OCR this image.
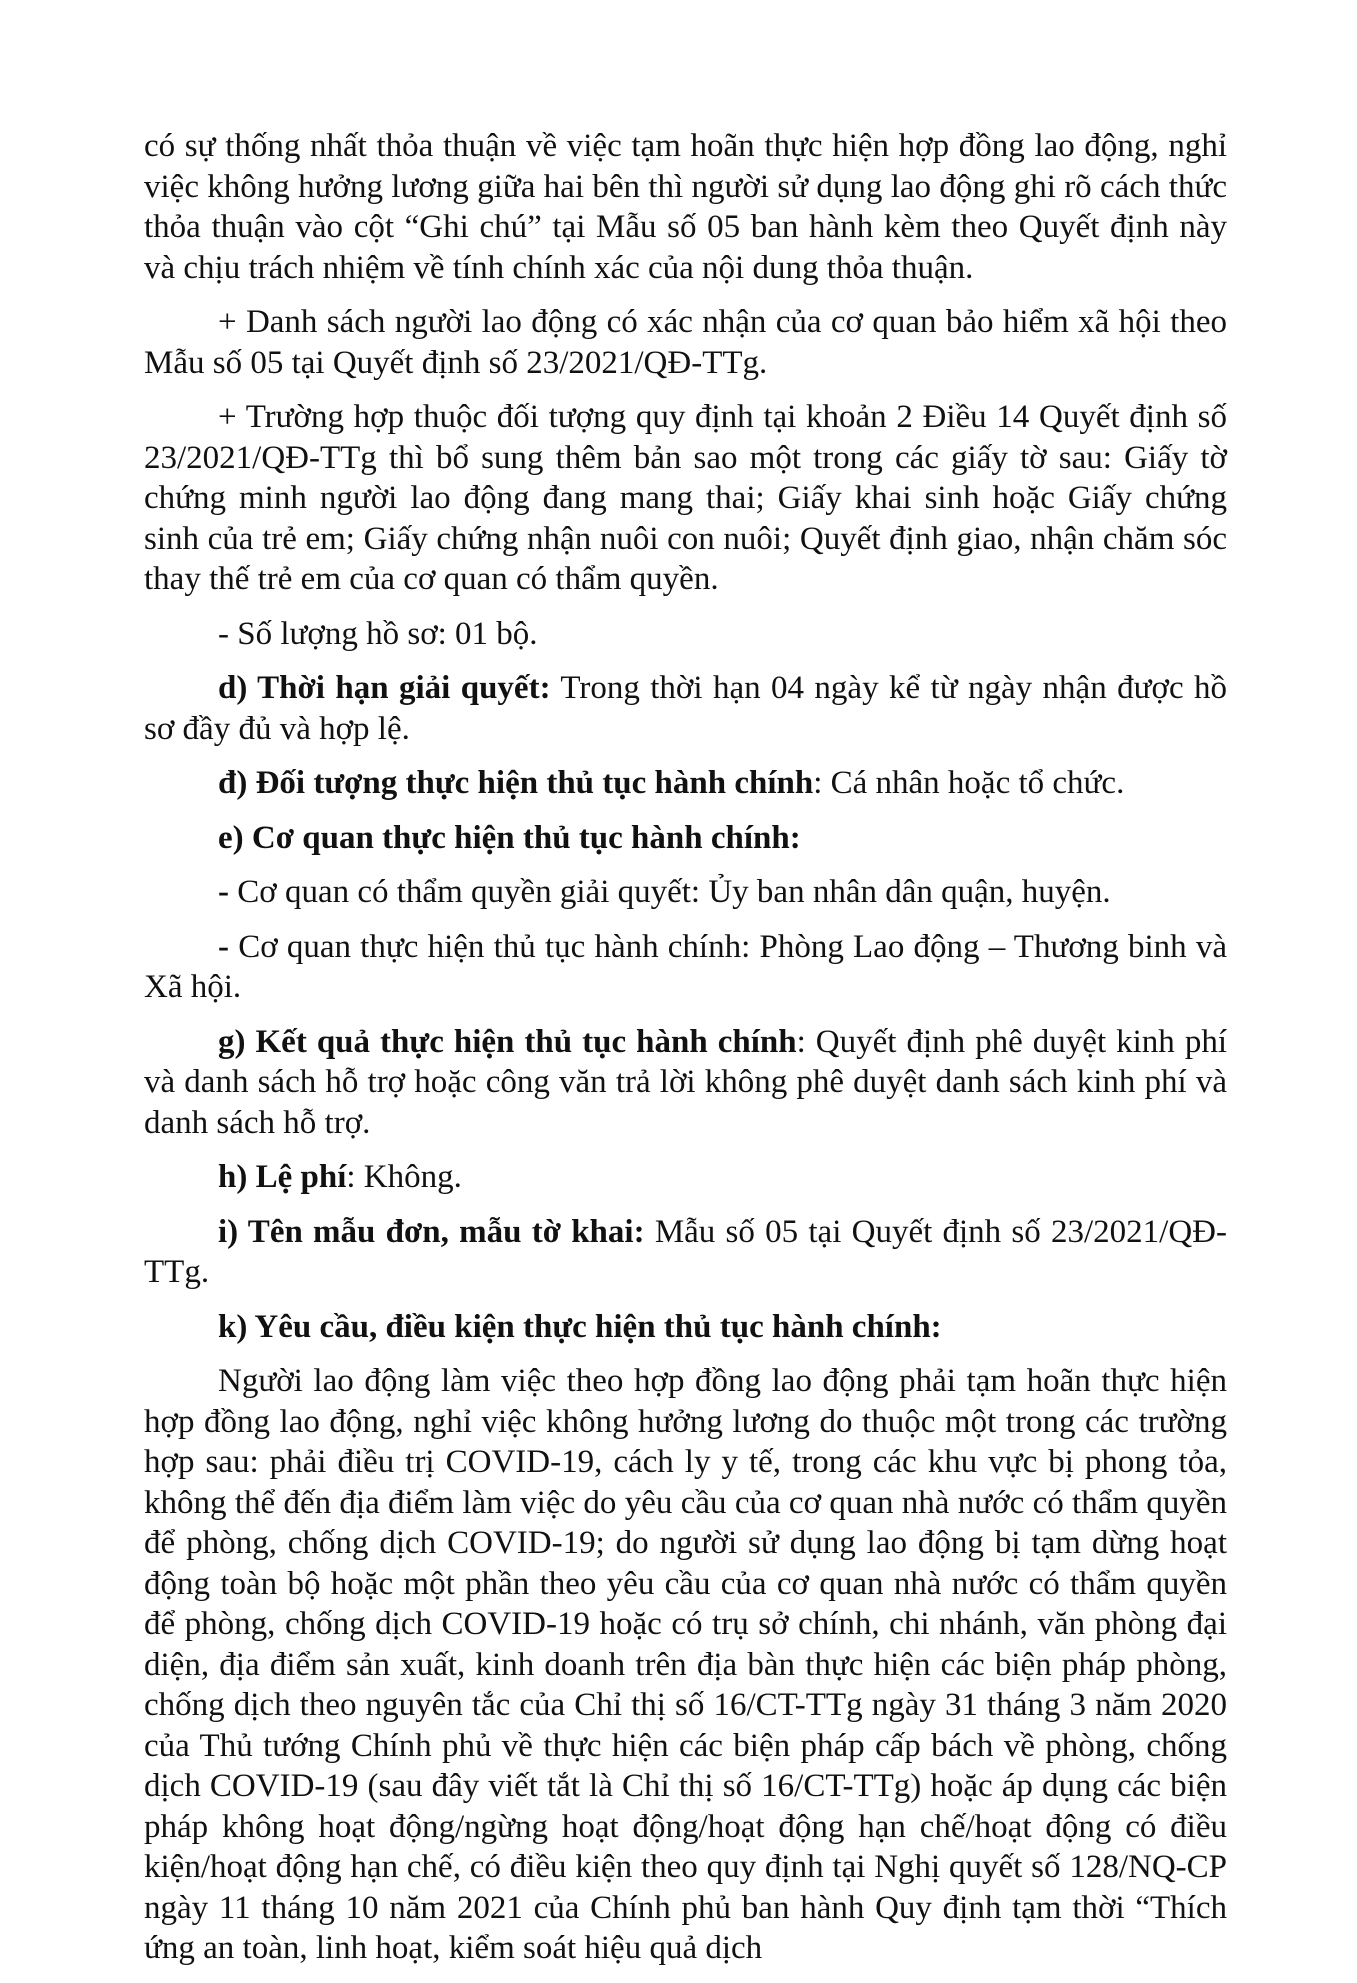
có sự thống nhất thỏa thuận về việc tạm hoãn thực hiện hợp đồng lao động, nghỉ việc không hưởng lương giữa hai bên thì người sử dụng lao động ghi rõ cách thức thỏa thuận vào cột “Ghi chú” tại Mẫu số 05 ban hành kèm theo Quyết định này và chịu trách nhiệm về tính chính xác của nội dung thỏa thuận.

+ Danh sách người lao động có xác nhận của cơ quan bảo hiểm xã hội theo Mẫu số 05 tại Quyết định số 23/2021/QĐ-TTg.

+ Trường hợp thuộc đối tượng quy định tại khoản 2 Điều 14 Quyết định số 23/2021/QĐ-TTg thì bổ sung thêm bản sao một trong các giấy tờ sau: Giấy tờ chứng minh người lao động đang mang thai; Giấy khai sinh hoặc Giấy chứng sinh của trẻ em; Giấy chứng nhận nuôi con nuôi; Quyết định giao, nhận chăm sóc thay thế trẻ em của cơ quan có thẩm quyền.

- Số lượng hồ sơ: 01 bộ.

d) Thời hạn giải quyết: Trong thời hạn 04 ngày kể từ ngày nhận được hồ sơ đầy đủ và hợp lệ.

đ) Đối tượng thực hiện thủ tục hành chính: Cá nhân hoặc tổ chức.

e) Cơ quan thực hiện thủ tục hành chính:

- Cơ quan có thẩm quyền giải quyết: Ủy ban nhân dân quận, huyện.

- Cơ quan thực hiện thủ tục hành chính: Phòng Lao động – Thương binh và Xã hội.

g) Kết quả thực hiện thủ tục hành chính: Quyết định phê duyệt kinh phí và danh sách hỗ trợ hoặc công văn trả lời không phê duyệt danh sách kinh phí và danh sách hỗ trợ.

h) Lệ phí: Không.

i) Tên mẫu đơn, mẫu tờ khai: Mẫu số 05 tại Quyết định số 23/2021/QĐ-TTg.

k) Yêu cầu, điều kiện thực hiện thủ tục hành chính:

Người lao động làm việc theo hợp đồng lao động phải tạm hoãn thực hiện hợp đồng lao động, nghỉ việc không hưởng lương do thuộc một trong các trường hợp sau: phải điều trị COVID-19, cách ly y tế, trong các khu vực bị phong tỏa, không thể đến địa điểm làm việc do yêu cầu của cơ quan nhà nước có thẩm quyền để phòng, chống dịch COVID-19; do người sử dụng lao động bị tạm dừng hoạt động toàn bộ hoặc một phần theo yêu cầu của cơ quan nhà nước có thẩm quyền để phòng, chống dịch COVID-19 hoặc có trụ sở chính, chi nhánh, văn phòng đại diện, địa điểm sản xuất, kinh doanh trên địa bàn thực hiện các biện pháp phòng, chống dịch theo nguyên tắc của Chỉ thị số 16/CT-TTg ngày 31 tháng 3 năm 2020 của Thủ tướng Chính phủ về thực hiện các biện pháp cấp bách về phòng, chống dịch COVID-19 (sau đây viết tắt là Chỉ thị số 16/CT-TTg) hoặc áp dụng các biện pháp không hoạt động/ngừng hoạt động/hoạt động hạn chế/hoạt động có điều kiện/hoạt động hạn chế, có điều kiện theo quy định tại Nghị quyết số 128/NQ-CP ngày 11 tháng 10 năm 2021 của Chính phủ ban hành Quy định tạm thời “Thích ứng an toàn, linh hoạt, kiểm soát hiệu quả dịch
